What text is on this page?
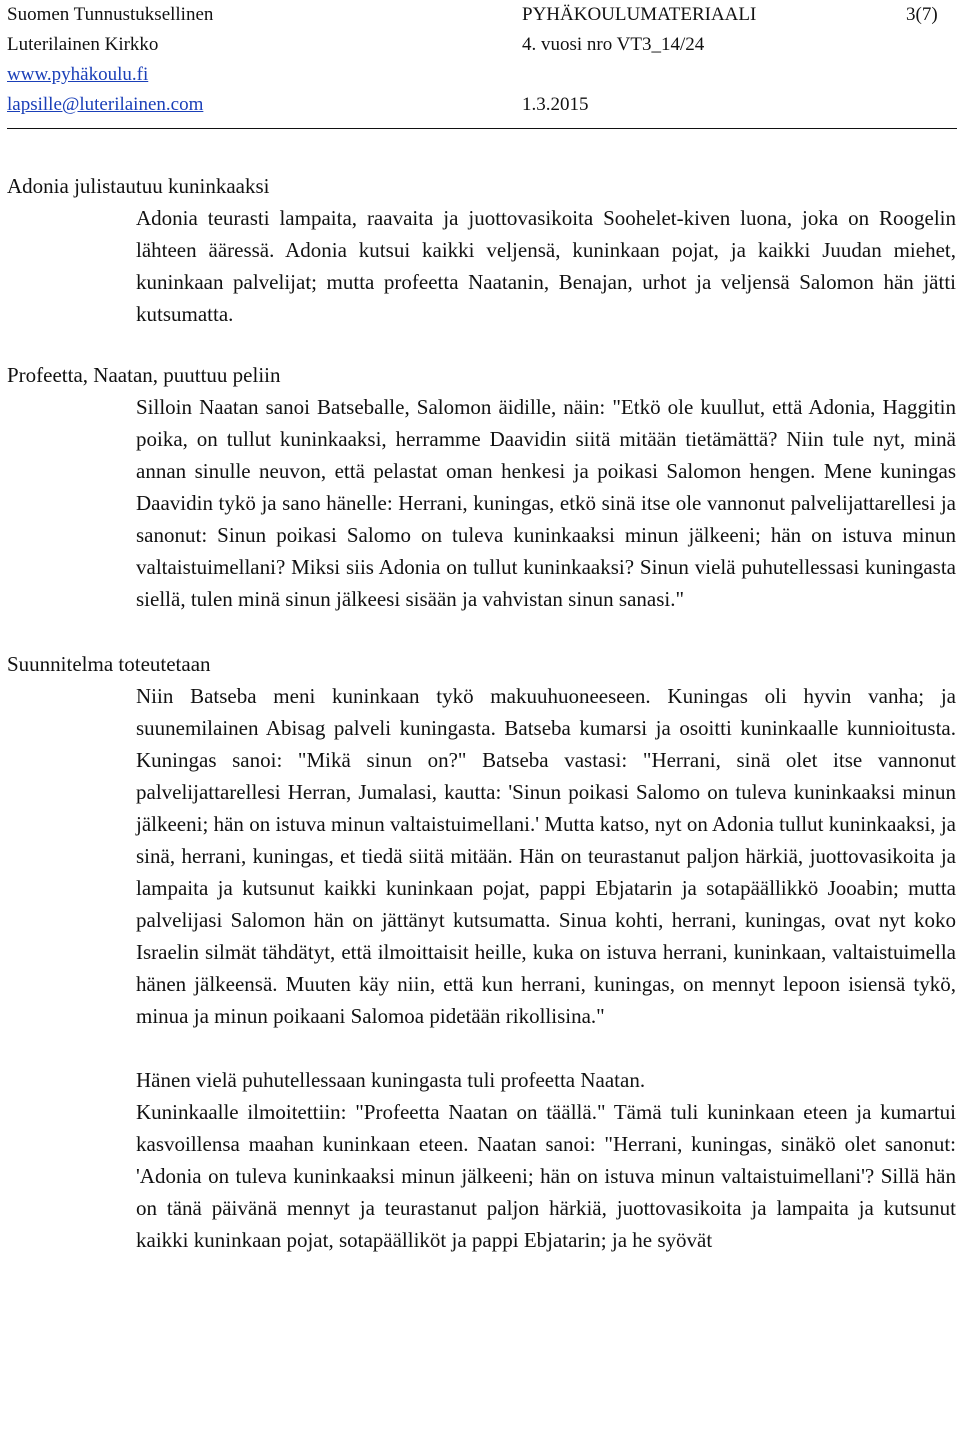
Suomen Tunnustuksellinen
Luterilainen Kirkko
www.pyhäkoulu.fi
lapsille@luterilainen.com
PYHÄKOULUMATERIAALI
4. vuosi nro VT3_14/24
1.3.2015
3(7)
Adonia julistautuu kuninkaaksi

Adonia teurasti lampaita, raavaita ja juottovasikoita Soohelet-kiven luona, joka on Roogelin lähteen ääressä. Adonia kutsui kaikki veljensä, kuninkaan pojat, ja kaikki Juudan miehet, kuninkaan palvelijat; mutta profeetta Naatanin, Benajan, urhot ja veljensä Salomon hän jätti kutsumatta.

Profeetta, Naatan, puuttuu peliin

Silloin Naatan sanoi Batseballe, Salomon äidille, näin: "Etkö ole kuullut, että Adonia, Haggitin poika, on tullut kuninkaaksi, herramme Daavidin siitä mitään tietämättä? Niin tule nyt, minä annan sinulle neuvon, että pelastat oman henkesi ja poikasi Salomon hengen. Mene kuningas Daavidin tykö ja sano hänelle: Herrani, kuningas, etkö sinä itse ole vannonut palvelijattarellesi ja sanonut: Sinun poikasi Salomo on tuleva kuninkaaksi minun jälkeeni; hän on istuva minun valtaistuimellani? Miksi siis Adonia on tullut kuninkaaksi? Sinun vielä puhutellessasi kuningasta siellä, tulen minä sinun jälkeesi sisään ja vahvistan sinun sanasi."

Suunnitelma toteutetaan

Niin Batseba meni kuninkaan tykö makuuhuoneeseen. Kuningas oli hyvin vanha; ja suunemilainen Abisag palveli kuningasta. Batseba kumarsi ja osoitti kuninkaalle kunnioitusta. Kuningas sanoi: "Mikä sinun on?" Batseba vastasi: "Herrani, sinä olet itse vannonut palvelijattarellesi Herran, Jumalasi, kautta: 'Sinun poikasi Salomo on tuleva kuninkaaksi minun jälkeeni; hän on istuva minun valtaistuimellani.' Mutta katso, nyt on Adonia tullut kuninkaaksi, ja sinä, herrani, kuningas, et tiedä siitä mitään. Hän on teurastanut paljon härkiä, juottovasikoita ja lampaita ja kutsunut kaikki kuninkaan pojat, pappi Ebjatarin ja sotapäällikkö Jooabin; mutta palvelijasi Salomon hän on jättänyt kutsumatta. Sinua kohti, herrani, kuningas, ovat nyt koko Israelin silmät tähdätyt, että ilmoittaisit heille, kuka on istuva herrani, kuninkaan, valtaistuimella hänen jälkeensä. Muuten käy niin, että kun herrani, kuningas, on mennyt lepoon isiensä tykö, minua ja minun poikaani Salomoa pidetään rikollisina."

Hänen vielä puhutellessaan kuningasta tuli profeetta Naatan.

Kuninkaalle ilmoitettiin: "Profeetta Naatan on täällä." Tämä tuli kuninkaan eteen ja kumartui kasvoillensa maahan kuninkaan eteen. Naatan sanoi: "Herrani, kuningas, sinäkö olet sanonut: 'Adonia on tuleva kuninkaaksi minun jälkeeni; hän on istuva minun valtaistuimellani'? Sillä hän on tänä päivänä mennyt ja teurastanut paljon härkiä, juottovasikoita ja lampaita ja kutsunut kaikki kuninkaan pojat, sotapäälliköt ja pappi Ebjatarin; ja he syövät
